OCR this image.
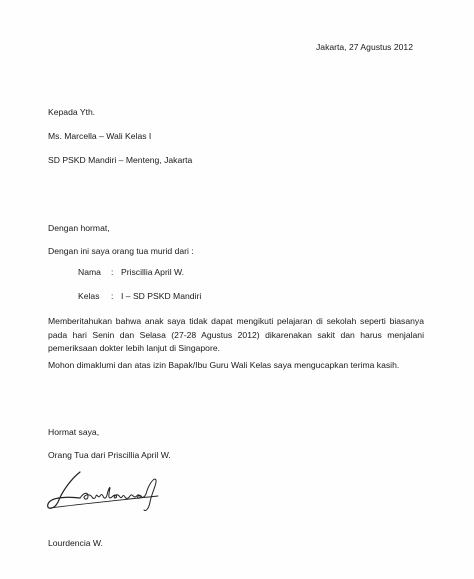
Jakarta, 27 Agustus 2012
Kepada Yth.
Ms. Marcella – Wali Kelas I
SD PSKD Mandiri – Menteng, Jakarta
Dengan hormat,
Dengan ini saya orang tua murid dari :
Nama : Priscillia April W.
Kelas : I – SD PSKD Mandiri
Memberitahukan bahwa anak saya tidak dapat mengikuti pelajaran di sekolah seperti biasanya pada hari Senin dan Selasa (27-28 Agustus 2012) dikarenakan sakit dan harus menjalani pemeriksaan dokter lebih lanjut di Singapore.
Mohon dimaklumi dan atas izin Bapak/Ibu Guru Wali Kelas saya mengucapkan terima kasih.
Hormat saya,
Orang Tua dari Priscillia April W.
Lourdencia W.
